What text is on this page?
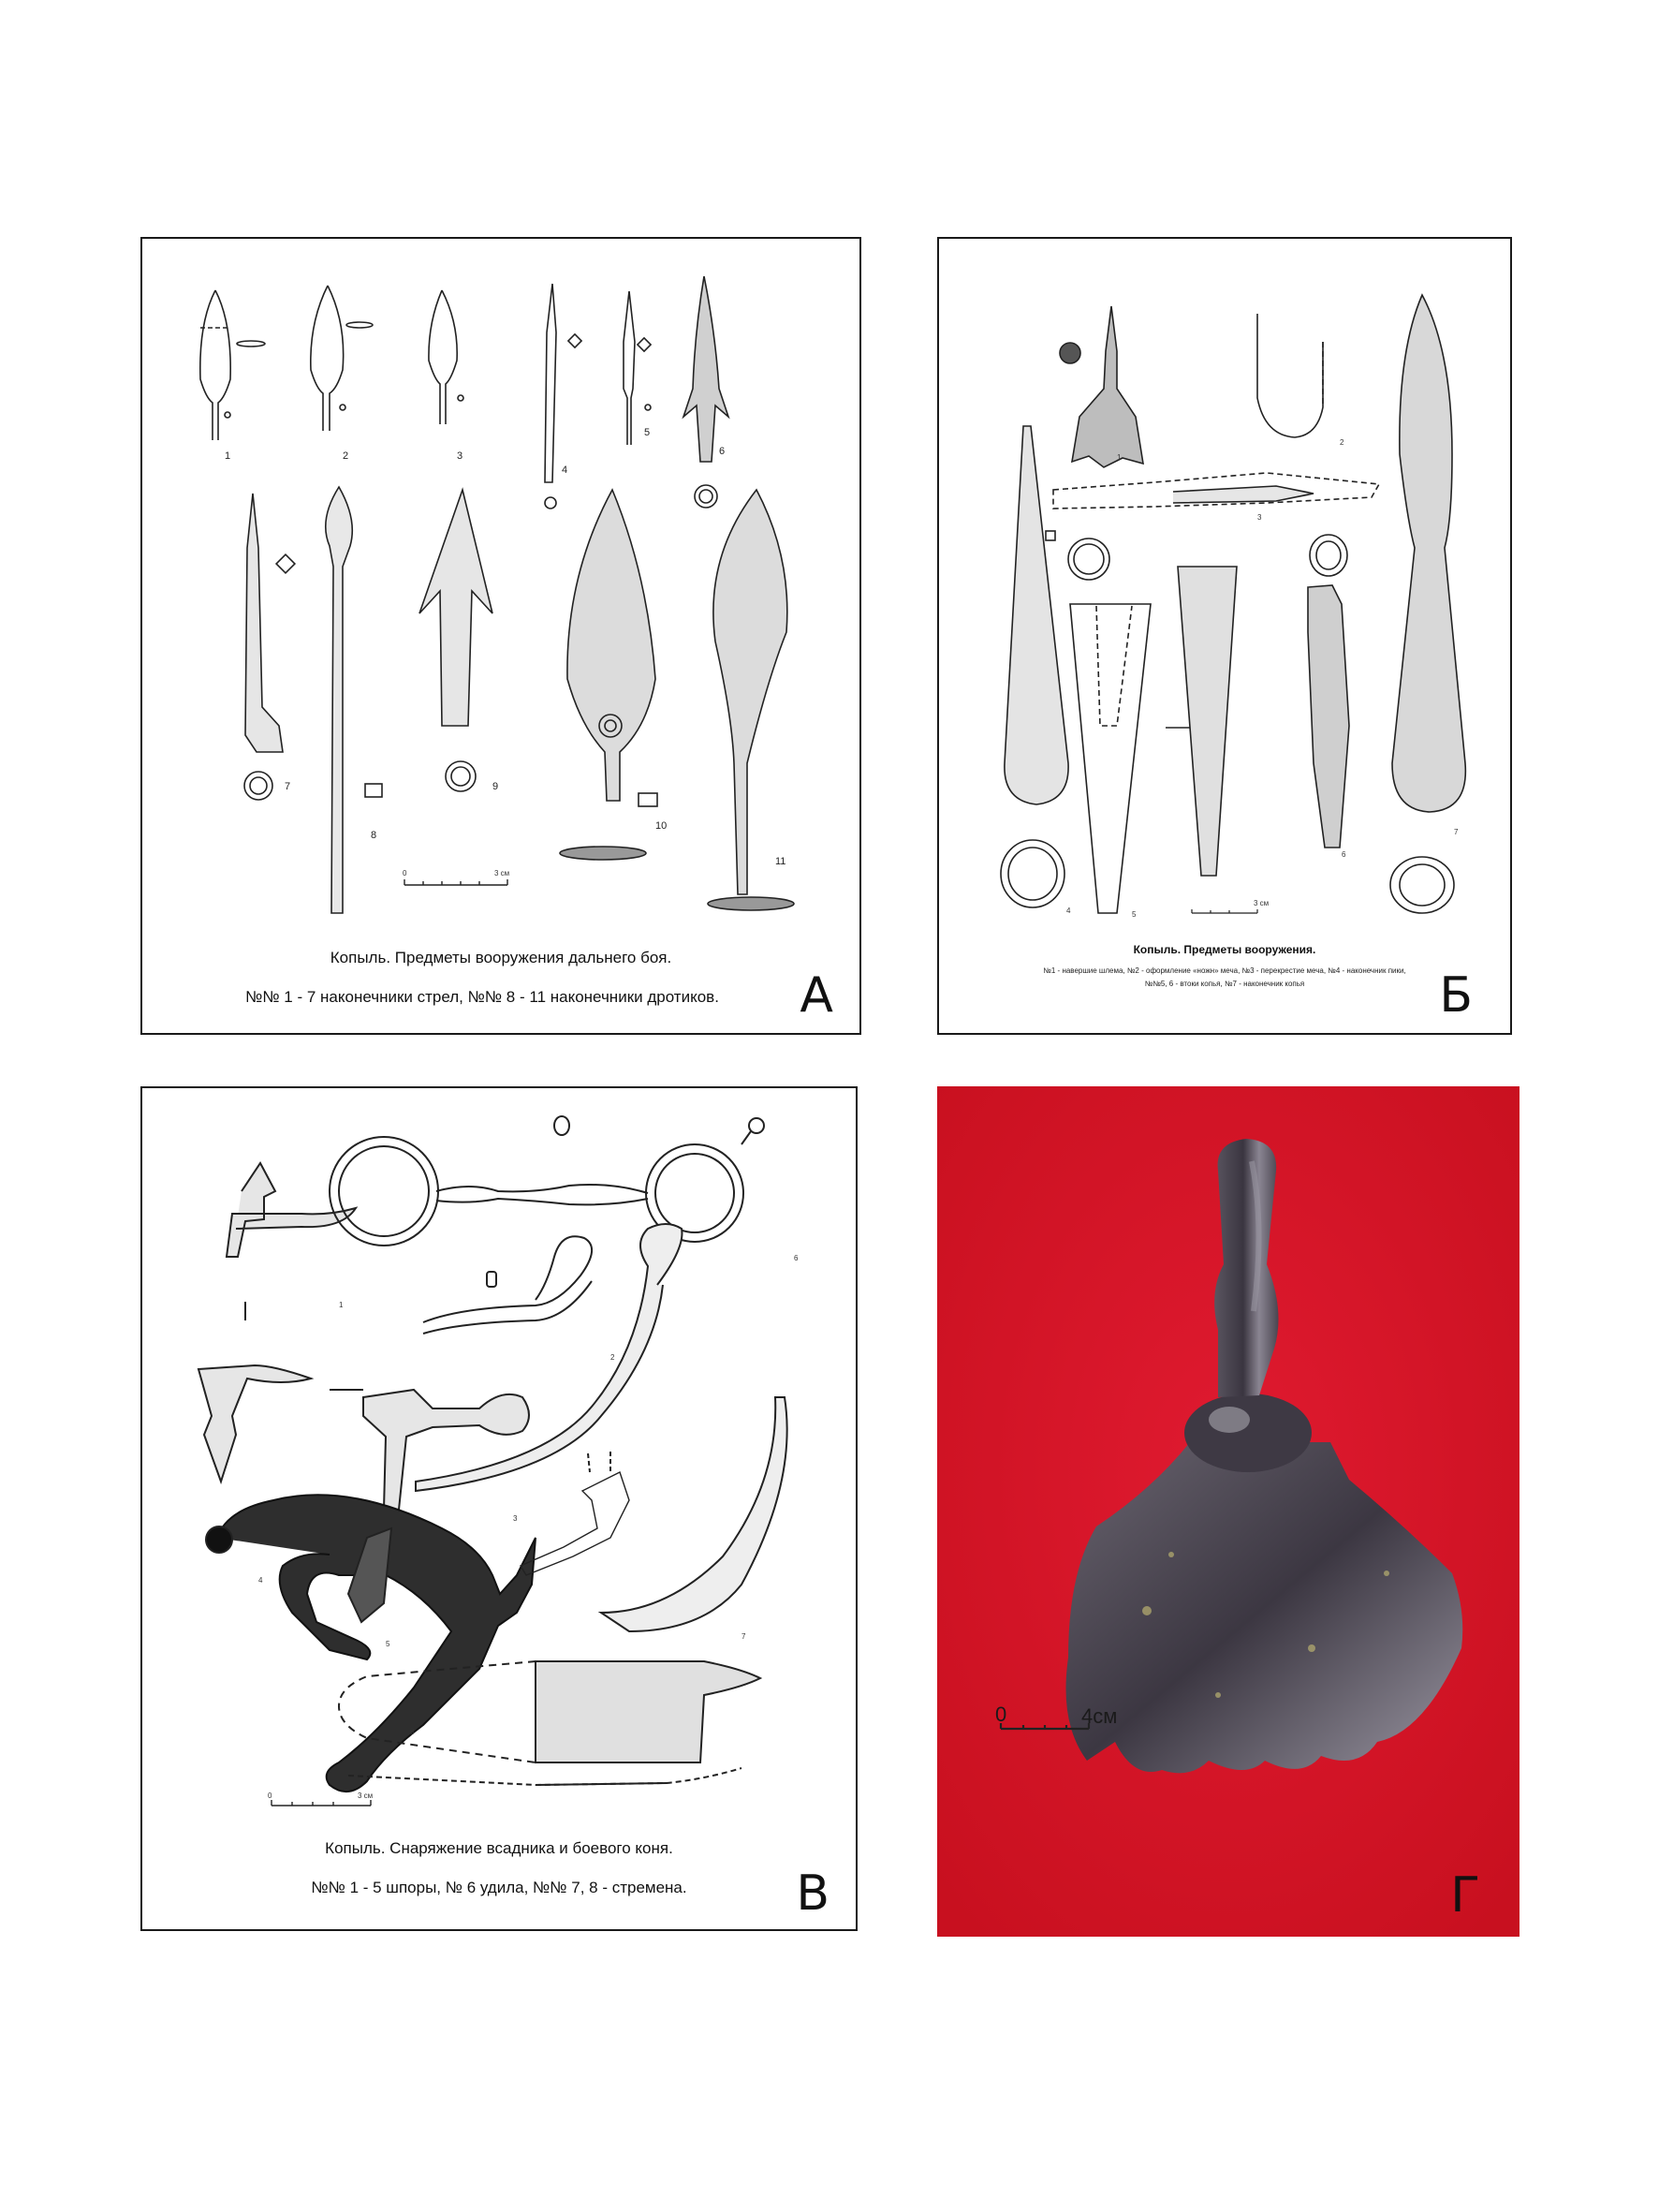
0	3 см
1	2	3
4
5
6
7
8
9
10
11
Копыль. Предметы вооружения дальнего боя.
№№ 1 - 7 наконечники стрел, №№ 8 - 11 наконечники дротиков.	А
3 см
1
2
3
4	5
6
7
Копыль. Предметы вооружения.
№1 - навершие шлема, №2 - оформление «ножн» меча, №3 - перекрестие меча, №4 - наконечник пики,
№№5, 6 - втоки копья, №7 - наконечник копья	Б
0	3 см
1
2
3
4
5
6
7
8
Копыль. Снаряжение всадника и боевого коня.
№№ 1 - 5 шпоры, № 6 удила, №№ 7, 8 - стремена.	В
0	4см
Г
